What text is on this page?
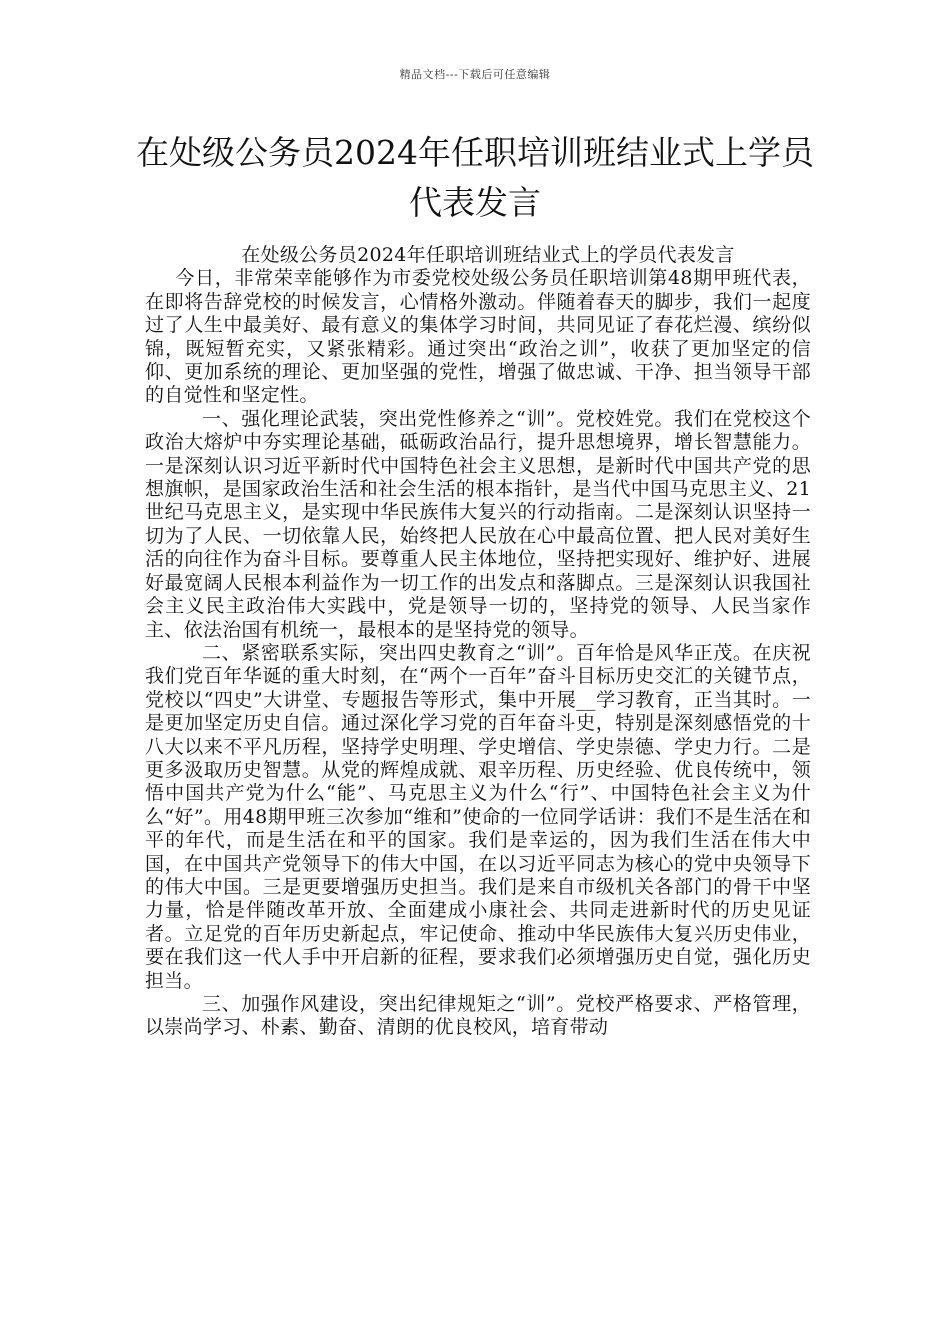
精品文档---下载后可任意编辑
在处级公务员2024年任职培训班结业式上学员代表发言

在处级公务员2024年任职培训班结业式上的学员代表发言

今日，非常荣幸能够作为市委党校处级公务员任职培训第48期甲班代表，在即将告辞党校的时候发言，心情格外激动。伴随着春天的脚步，我们一起度过了人生中最美好、最有意义的集体学习时间，共同见证了春花烂漫、缤纷似锦，既短暂充实，又紧张精彩。通过突出“政治之训”，收获了更加坚定的信仰、更加系统的理论、更加坚强的党性，增强了做忠诚、干净、担当领导干部的自觉性和坚定性。

一、强化理论武装，突出党性修养之“训”。党校姓党。我们在党校这个政治大熔炉中夯实理论基础，砥砺政治品行，提升思想境界，增长智慧能力。一是深刻认识习近平新时代中国特色社会主义思想，是新时代中国共产党的思想旗帜，是国家政治生活和社会生活的根本指针，是当代中国马克思主义、21世纪马克思主义，是实现中华民族伟大复兴的行动指南。二是深刻认识坚持一切为了人民、一切依靠人民，始终把人民放在心中最高位置、把人民对美好生活的向往作为奋斗目标。要尊重人民主体地位，坚持把实现好、维护好、进展好最宽阔人民根本利益作为一切工作的出发点和落脚点。三是深刻认识我国社会主义民主政治伟大实践中，党是领导一切的，坚持党的领导、人民当家作主、依法治国有机统一，最根本的是坚持党的领导。

二、紧密联系实际，突出四史教育之“训”。百年恰是风华正茂。在庆祝我们党百年华诞的重大时刻，在“两个一百年”奋斗目标历史交汇的关键节点，党校以“四史”大讲堂、专题报告等形式，集中开展__学习教育，正当其时。一是更加坚定历史自信。通过深化学习党的百年奋斗史，特别是深刻感悟党的十八大以来不平凡历程，坚持学史明理、学史增信、学史崇德、学史力行。二是更多汲取历史智慧。从党的辉煌成就、艰辛历程、历史经验、优良传统中，领悟中国共产党为什么“能”、马克思主义为什么“行”、中国特色社会主义为什么“好”。用48期甲班三次参加“维和”使命的一位同学话讲：我们不是生活在和平的年代，而是生活在和平的国家。我们是幸运的，因为我们生活在伟大中国，在中国共产党领导下的伟大中国，在以习近平同志为核心的党中央领导下的伟大中国。三是更要增强历史担当。我们是来自市级机关各部门的骨干中坚力量，恰是伴随改革开放、全面建成小康社会、共同走进新时代的历史见证者。立足党的百年历史新起点，牢记使命、推动中华民族伟大复兴历史伟业，要在我们这一代人手中开启新的征程，要求我们必须增强历史自觉，强化历史担当。

三、加强作风建设，突出纪律规矩之“训”。党校严格要求、严格管理，以崇尚学习、朴素、勤奋、清朗的优良校风，培育带动
